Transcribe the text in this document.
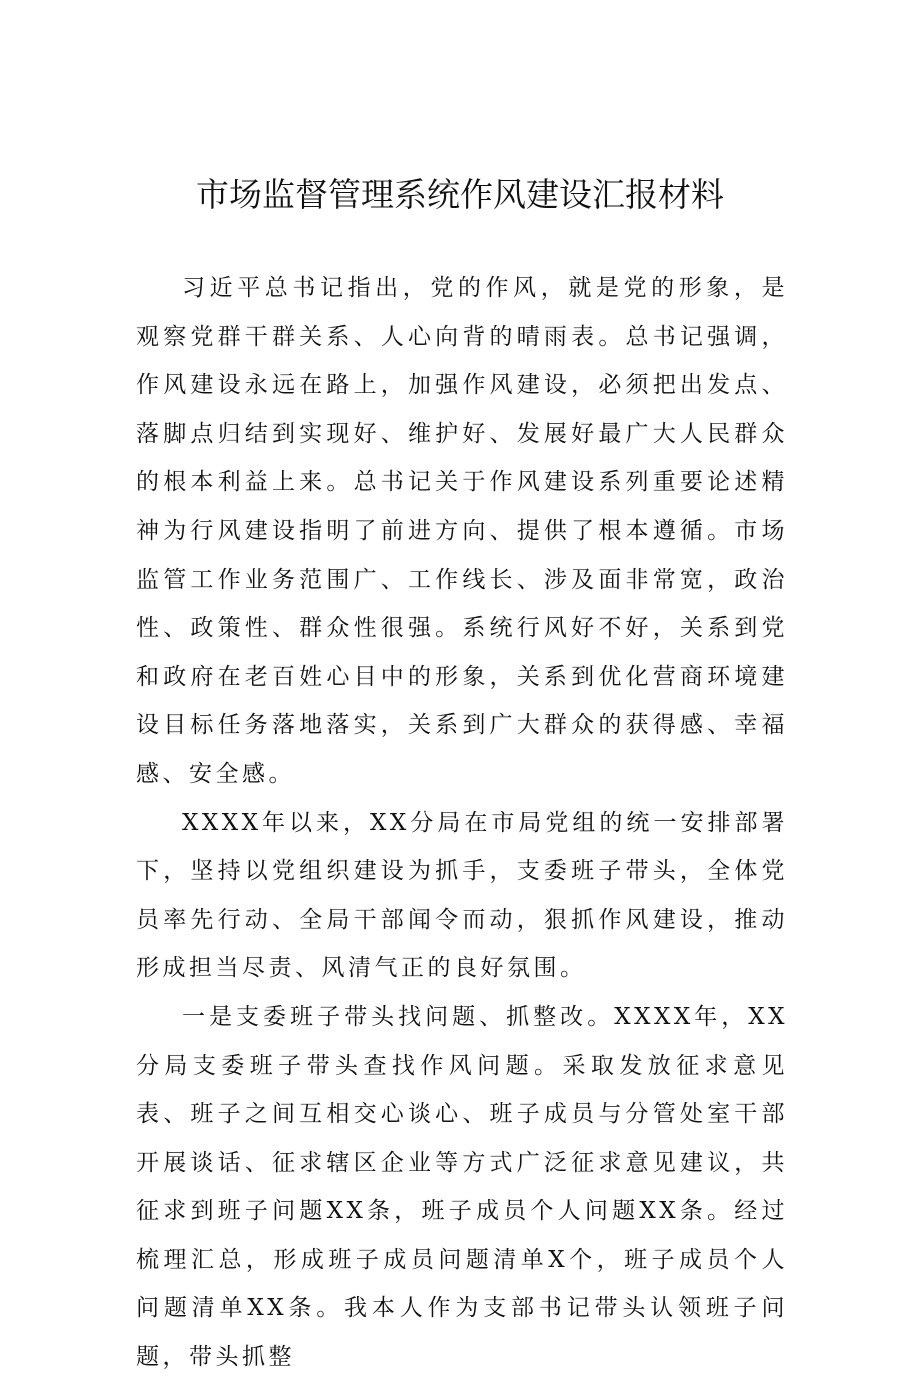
市场监督管理系统作风建设汇报材料

习近平总书记指出，党的作风，就是党的形象，是观察党群干群关系、人心向背的晴雨表。总书记强调，作风建设永远在路上，加强作风建设，必须把出发点、落脚点归结到实现好、维护好、发展好最广大人民群众的根本利益上来。总书记关于作风建设系列重要论述精神为行风建设指明了前进方向、提供了根本遵循。市场监管工作业务范围广、工作线长、涉及面非常宽，政治性、政策性、群众性很强。系统行风好不好，关系到党和政府在老百姓心目中的形象，关系到优化营商环境建设目标任务落地落实，关系到广大群众的获得感、幸福感、安全感。

XXXX年以来，XX分局在市局党组的统一安排部署下，坚持以党组织建设为抓手，支委班子带头，全体党员率先行动、全局干部闻令而动，狠抓作风建设，推动形成担当尽责、风清气正的良好氛围。

一是支委班子带头找问题、抓整改。XXXX年，XX分局支委班子带头查找作风问题。采取发放征求意见表、班子之间互相交心谈心、班子成员与分管处室干部开展谈话、征求辖区企业等方式广泛征求意见建议，共征求到班子问题XX条，班子成员个人问题XX条。经过梳理汇总，形成班子成员问题清单X个，班子成员个人问题清单XX条。我本人作为支部书记带头认领班子问题，带头抓整
